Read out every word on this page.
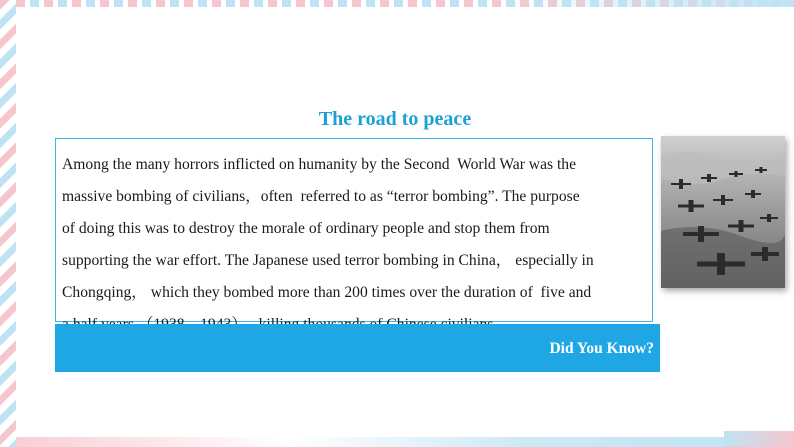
The road to peace

Among the many horrors inflicted on humanity by the Second  World War was the

massive bombing of civilians，often  referred to as “terror bombing”. The purpose

of doing this was to destroy the morale of ordinary people and stop them from

supporting the war effort. The Japanese used terror bombing in China， especially in

Chongqing， which they bombed more than 200 times over the duration of  five and

Did You Know?
